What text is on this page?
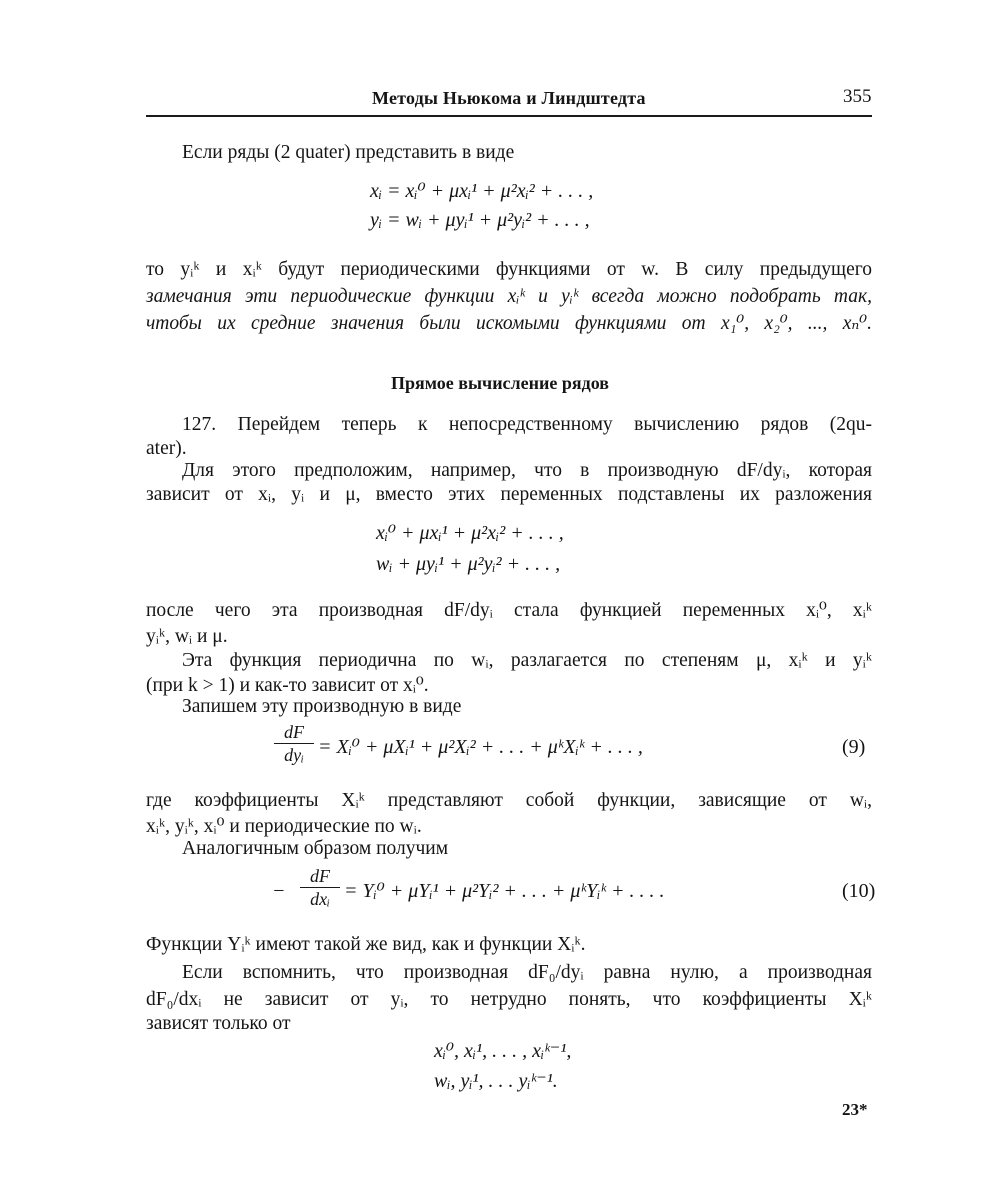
Методы Ньюкома и Линдштедта	355
Если ряды (2 quater) представить в виде
xᵢ = xᵢ⁰ + μxᵢ¹ + μ²xᵢ² + . . . ,
yᵢ = wᵢ + μyᵢ¹ + μ²yᵢ² + . . . ,
то yᵢᵏ и xᵢᵏ будут периодическими функциями от w. В силу предыдущего
замечания эти периодические функции xᵢᵏ и yᵢᵏ всегда можно подобрать так,
чтобы их средние значения были искомыми функциями от x₁⁰, x₂⁰, ..., xₙ⁰.
Прямое вычисление рядов
127. Перейдем теперь к непосредственному вычислению рядов (2qu-
ater).
Для этого предположим, например, что в производную dF/dyᵢ, которая
зависит от xᵢ, yᵢ и μ, вместо этих переменных подставлены их разложения
xᵢ⁰ + μxᵢ¹ + μ²xᵢ² + . . . ,
wᵢ + μyᵢ¹ + μ²yᵢ² + . . . ,
после чего эта производная dF/dyᵢ стала функцией переменных xᵢ⁰, xᵢᵏ
yᵢᵏ, wᵢ и μ.
Эта функция периодична по wᵢ, разлагается по степеням μ, xᵢᵏ и yᵢᵏ
(при k > 1) и как-то зависит от xᵢ⁰.
Запишем эту производную в виде
dF
dyᵢ = Xᵢ⁰ + μXᵢ¹ + μ²Xᵢ² + . . . + μᵏXᵢᵏ + . . . ,	(9)
где коэффициенты Xᵢᵏ представляют собой функции, зависящие от wᵢ,
xᵢᵏ, yᵢᵏ, xᵢ⁰ и периодические по wᵢ.
Аналогичным образом получим
−
dF
dxᵢ = Yᵢ⁰ + μYᵢ¹ + μ²Yᵢ² + . . . + μᵏYᵢᵏ + . . . .	(10)
Функции Yᵢᵏ имеют такой же вид, как и функции Xᵢᵏ.
Если вспомнить, что производная dF₀/dyᵢ равна нулю, а производная
dF₀/dxᵢ не зависит от yᵢ, то нетрудно понять, что коэффициенты Xᵢᵏ
зависят только от
xᵢ⁰, xᵢ¹, . . . , xᵢᵏ⁻¹,
wᵢ, yᵢ¹, . . . yᵢᵏ⁻¹.
23*
